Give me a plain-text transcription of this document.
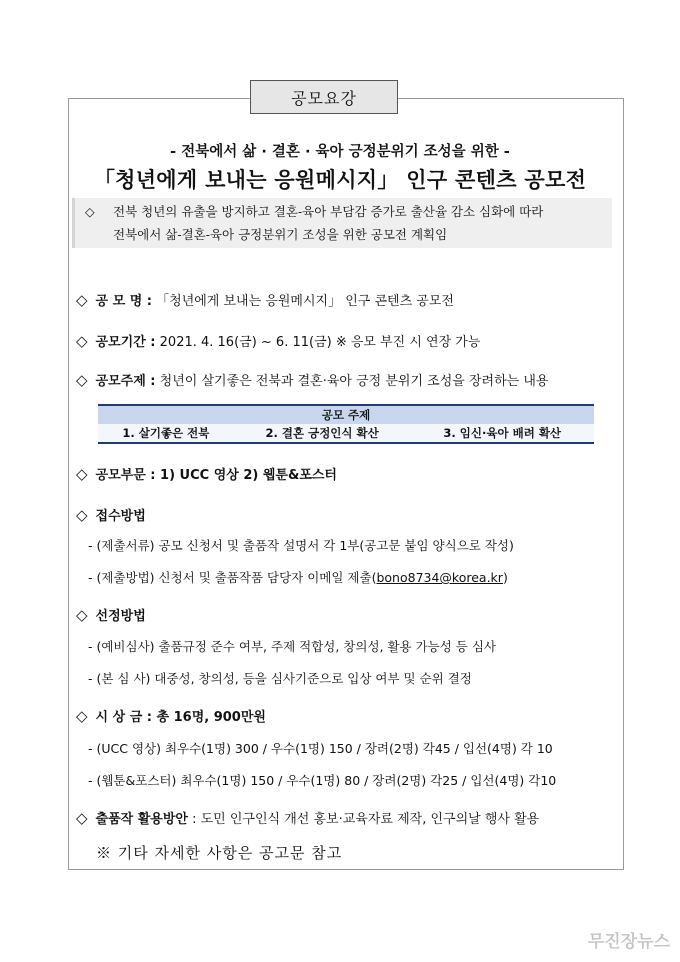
공모요강
- 전북에서 삶 · 결혼 · 육아 긍정분위기 조성을 위한 -
「청년에게 보내는 응원메시지」 인구 콘텐츠 공모전
◇ 전북 청년의 유출을 방지하고 결혼-육아 부담감 증가로 출산율 감소 심화에 따라
전북에서 삶-결혼-육아 긍정분위기 조성을 위한 공모전 계획임
◇ 공 모 명 : 「청년에게 보내는 응원메시지」 인구 콘텐츠 공모전
◇ 공모기간 : 2021. 4. 16(금) ~ 6. 11(금) ※ 응모 부진 시 연장 가능
◇ 공모주제 : 청년이 살기좋은 전북과 결혼·육아 긍정 분위기 조성을 장려하는 내용
공모 주제
1. 살기좋은 전북	2. 결혼 긍정인식 확산	3. 임신·육아 배려 확산
◇ 공모부문 : 1) UCC 영상 2) 웹툰&포스터
◇ 접수방법
- (제출서류) 공모 신청서 및 출품작 설명서 각 1부(공고문 붙임 양식으로 작성)
- (제출방법) 신청서 및 출품작품 담당자 이메일 제출(bono8734@korea.kr)
◇ 선정방법
- (예비심사) 출품규정 준수 여부, 주제 적합성, 창의성, 활용 가능성 등 심사
- (본 심 사) 대중성, 창의성, 등을 심사기준으로 입상 여부 및 순위 결정
◇ 시 상 금 : 총 16명, 900만원
- (UCC 영상) 최우수(1명) 300 / 우수(1명) 150 / 장려(2명) 각45 / 입선(4명) 각 10
- (웹툰&포스터) 최우수(1명) 150 / 우수(1명) 80 / 장려(2명) 각25 / 입선(4명) 각10
◇ 출품작 활용방안 : 도민 인구인식 개선 홍보·교육자료 제작, 인구의날 행사 활용
※ 기타 자세한 사항은 공고문 참고
무진장뉴스
